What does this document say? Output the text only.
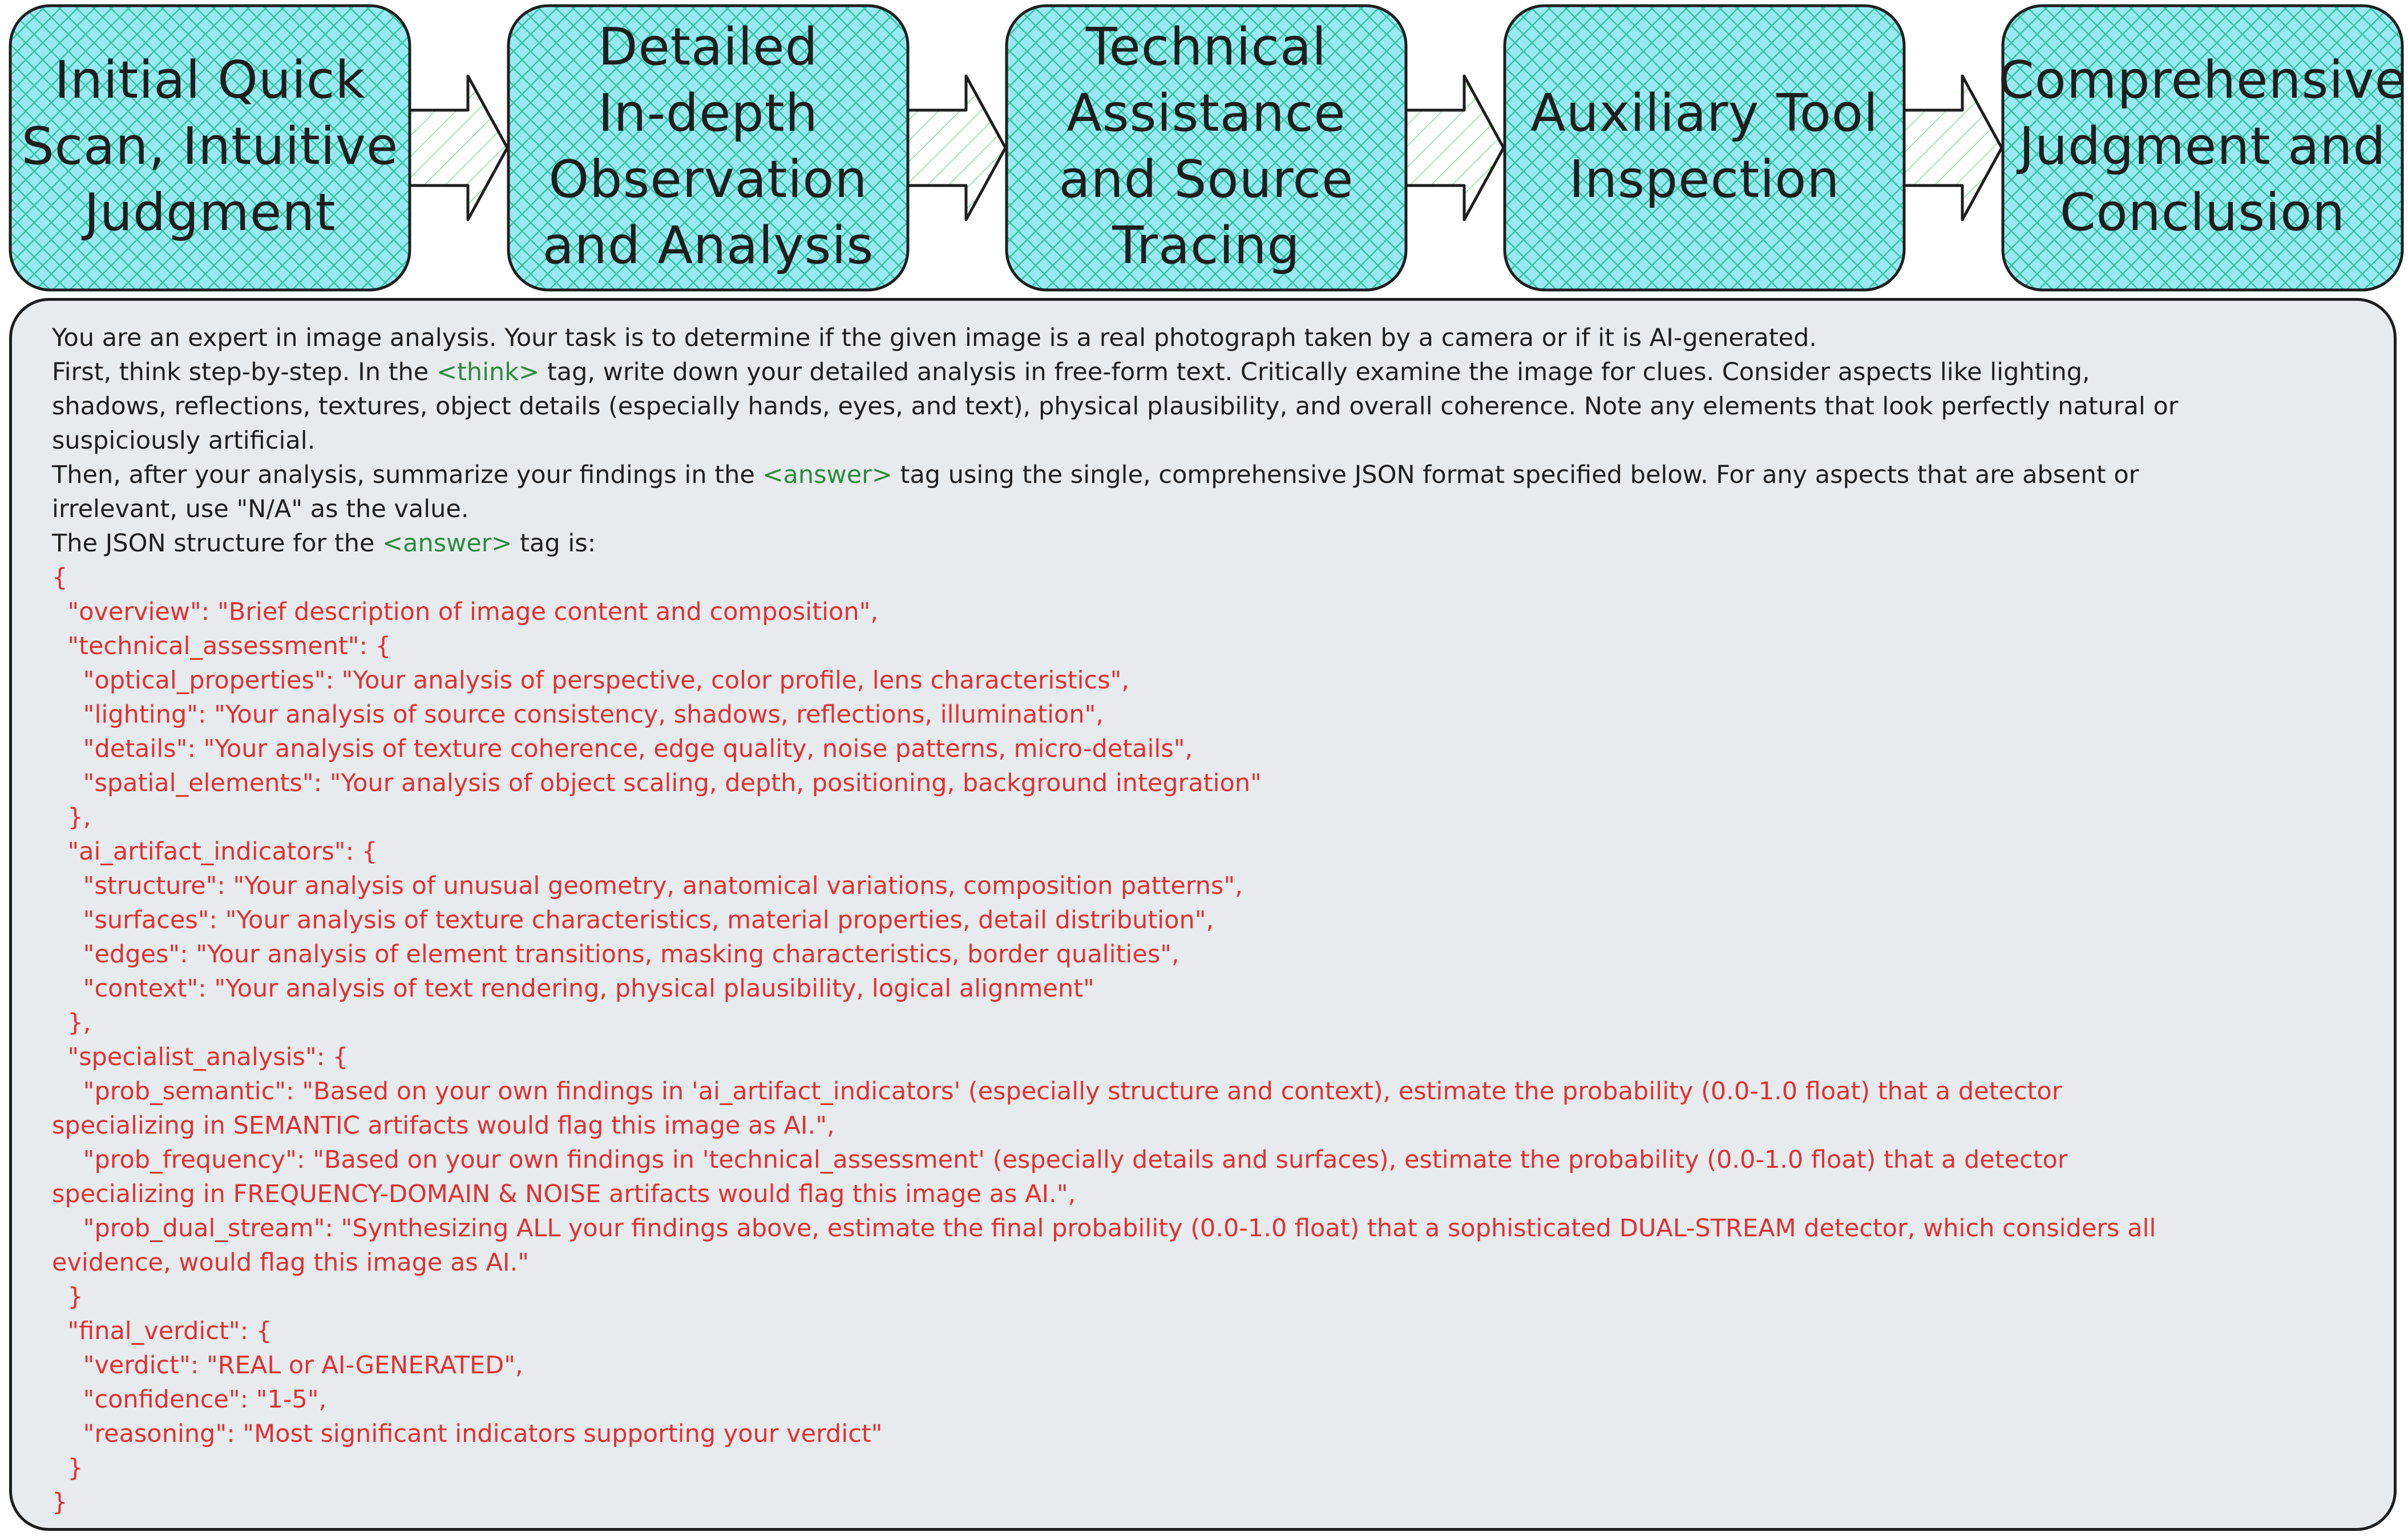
Initial Quick
Scan, Intuitive
Judgment
Detailed
In-depth
Observation
and Analysis
Technical
Assistance
and Source
Tracing
Auxiliary Tool
Inspection
Comprehensive
Judgment and
Conclusion
You are an expert in image analysis. Your task is to determine if the given image is a real photograph taken by a camera or if it is AI-generated.
First, think step-by-step. In the <think> tag, write down your detailed analysis in free-form text. Critically examine the image for clues. Consider aspects like lighting,
shadows, reflections, textures, object details (especially hands, eyes, and text), physical plausibility, and overall coherence. Note any elements that look perfectly natural or
suspiciously artificial.
Then, after your analysis, summarize your findings in the <answer> tag using the single, comprehensive JSON format specified below. For any aspects that are absent or
irrelevant, use "N/A" as the value.
The JSON structure for the <answer> tag is:
{
"overview": "Brief description of image content and composition",
"technical_assessment": {
"optical_properties": "Your analysis of perspective, color profile, lens characteristics",
"lighting": "Your analysis of source consistency, shadows, reflections, illumination",
"details": "Your analysis of texture coherence, edge quality, noise patterns, micro-details",
"spatial_elements": "Your analysis of object scaling, depth, positioning, background integration"
},
"ai_artifact_indicators": {
"structure": "Your analysis of unusual geometry, anatomical variations, composition patterns",
"surfaces": "Your analysis of texture characteristics, material properties, detail distribution",
"edges": "Your analysis of element transitions, masking characteristics, border qualities",
"context": "Your analysis of text rendering, physical plausibility, logical alignment"
},
"specialist_analysis": {
"prob_semantic": "Based on your own findings in 'ai_artifact_indicators' (especially structure and context), estimate the probability (0.0-1.0 float) that a detector
specializing in SEMANTIC artifacts would flag this image as AI.",
"prob_frequency": "Based on your own findings in 'technical_assessment' (especially details and surfaces), estimate the probability (0.0-1.0 float) that a detector
specializing in FREQUENCY-DOMAIN & NOISE artifacts would flag this image as AI.",
"prob_dual_stream": "Synthesizing ALL your findings above, estimate the final probability (0.0-1.0 float) that a sophisticated DUAL-STREAM detector, which considers all
evidence, would flag this image as AI."
}
"final_verdict": {
"verdict": "REAL or AI-GENERATED",
"confidence": "1-5",
"reasoning": "Most significant indicators supporting your verdict"
}
}
